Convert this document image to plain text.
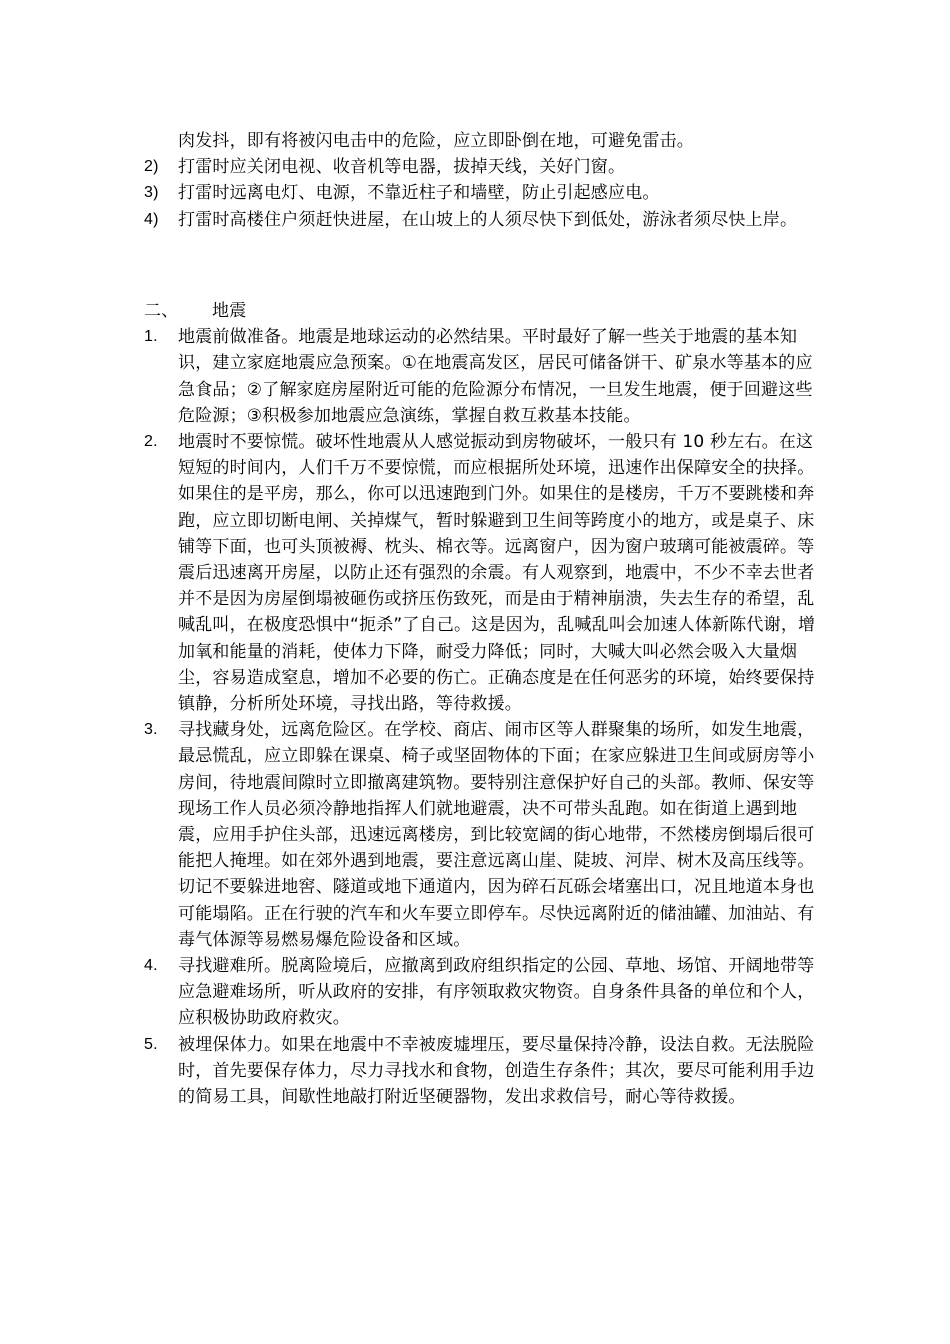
肉发抖，即有将被闪电击中的危险，应立即卧倒在地，可避免雷击。
2)	打雷时应关闭电视、收音机等电器，拔掉天线，关好门窗。
3)	打雷时远离电灯、电源，不靠近柱子和墙壁，防止引起感应电。
4)	打雷时高楼住户须赶快进屋，在山坡上的人须尽快下到低处，游泳者须尽快上岸。
二、	地震
1.	地震前做准备。地震是地球运动的必然结果。平时最好了解一些关于地震的基本知识，建立家庭地震应急预案。①在地震高发区，居民可储备饼干、矿泉水等基本的应急食品；②了解家庭房屋附近可能的危险源分布情况，一旦发生地震，便于回避这些危险源；③积极参加地震应急演练，掌握自救互救基本技能。
2.	地震时不要惊慌。破坏性地震从人感觉振动到房物破坏，一般只有 10 秒左右。在这短短的时间内，人们千万不要惊慌，而应根据所处环境，迅速作出保障安全的抉择。如果住的是平房，那么，你可以迅速跑到门外。如果住的是楼房，千万不要跳楼和奔跑，应立即切断电闸、关掉煤气，暂时躲避到卫生间等跨度小的地方，或是桌子、床铺等下面，也可头顶被褥、枕头、棉衣等。远离窗户，因为窗户玻璃可能被震碎。等震后迅速离开房屋，以防止还有强烈的余震。有人观察到，地震中，不少不幸去世者并不是因为房屋倒塌被砸伤或挤压伤致死，而是由于精神崩溃，失去生存的希望，乱喊乱叫，在极度恐惧中“扼杀”了自己。这是因为，乱喊乱叫会加速人体新陈代谢，增加氧和能量的消耗，使体力下降，耐受力降低；同时，大喊大叫必然会吸入大量烟尘，容易造成窒息，增加不必要的伤亡。正确态度是在任何恶劣的环境，始终要保持镇静，分析所处环境，寻找出路，等待救援。
3.	寻找藏身处，远离危险区。在学校、商店、闹市区等人群聚集的场所，如发生地震，最忌慌乱，应立即躲在课桌、椅子或坚固物体的下面；在家应躲进卫生间或厨房等小房间，待地震间隙时立即撤离建筑物。要特别注意保护好自己的头部。教师、保安等现场工作人员必须冷静地指挥人们就地避震，决不可带头乱跑。如在街道上遇到地震，应用手护住头部，迅速远离楼房，到比较宽阔的街心地带，不然楼房倒塌后很可能把人掩埋。如在郊外遇到地震，要注意远离山崖、陡坡、河岸、树木及高压线等。切记不要躲进地窖、隧道或地下通道内，因为碎石瓦砾会堵塞出口，况且地道本身也可能塌陷。正在行驶的汽车和火车要立即停车。尽快远离附近的储油罐、加油站、有毒气体源等易燃易爆危险设备和区域。
4.	寻找避难所。脱离险境后，应撤离到政府组织指定的公园、草地、场馆、开阔地带等应急避难场所，听从政府的安排，有序领取救灾物资。自身条件具备的单位和个人，应积极协助政府救灾。
5.	被埋保体力。如果在地震中不幸被废墟埋压，要尽量保持冷静，设法自救。无法脱险时，首先要保存体力，尽力寻找水和食物，创造生存条件；其次，要尽可能利用手边的简易工具，间歇性地敲打附近坚硬器物，发出求救信号，耐心等待救援。
